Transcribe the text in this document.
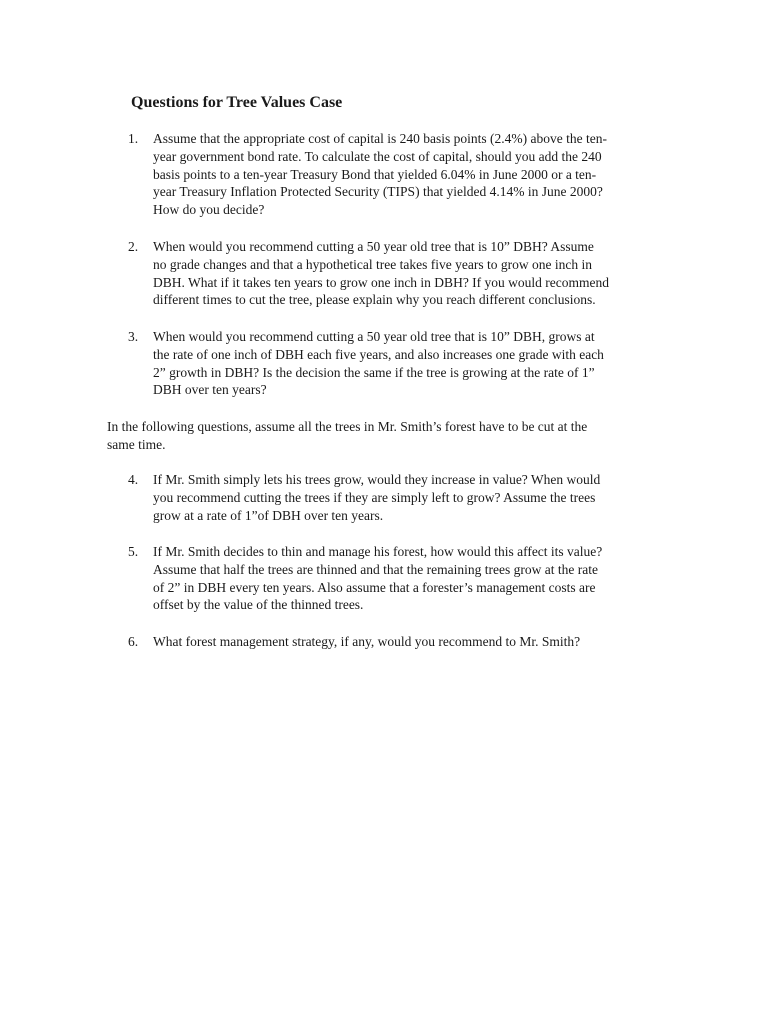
Questions for Tree Values Case
1. Assume that the appropriate cost of capital is 240 basis points (2.4%) above the ten-
year government bond rate. To calculate the cost of capital, should you add the 240
basis points to a ten-year Treasury Bond that yielded 6.04% in June 2000 or a ten-
year Treasury Inflation Protected Security (TIPS) that yielded 4.14% in June 2000?
How do you decide?

2. When would you recommend cutting a 50 year old tree that is 10” DBH? Assume
no grade changes and that a hypothetical tree takes five years to grow one inch in
DBH. What if it takes ten years to grow one inch in DBH? If you would recommend
different times to cut the tree, please explain why you reach different conclusions.

3. When would you recommend cutting a 50 year old tree that is 10” DBH, grows at
the rate of one inch of DBH each five years, and also increases one grade with each
2” growth in DBH? Is the decision the same if the tree is growing at the rate of 1”
DBH over ten years?

In the following questions, assume all the trees in Mr. Smith’s forest have to be cut at the
same time.

4. If Mr. Smith simply lets his trees grow, would they increase in value? When would
you recommend cutting the trees if they are simply left to grow? Assume the trees
grow at a rate of 1”of DBH over ten years.

5. If Mr. Smith decides to thin and manage his forest, how would this affect its value?
Assume that half the trees are thinned and that the remaining trees grow at the rate
of 2” in DBH every ten years. Also assume that a forester’s management costs are
offset by the value of the thinned trees.

6. What forest management strategy, if any, would you recommend to Mr. Smith?
